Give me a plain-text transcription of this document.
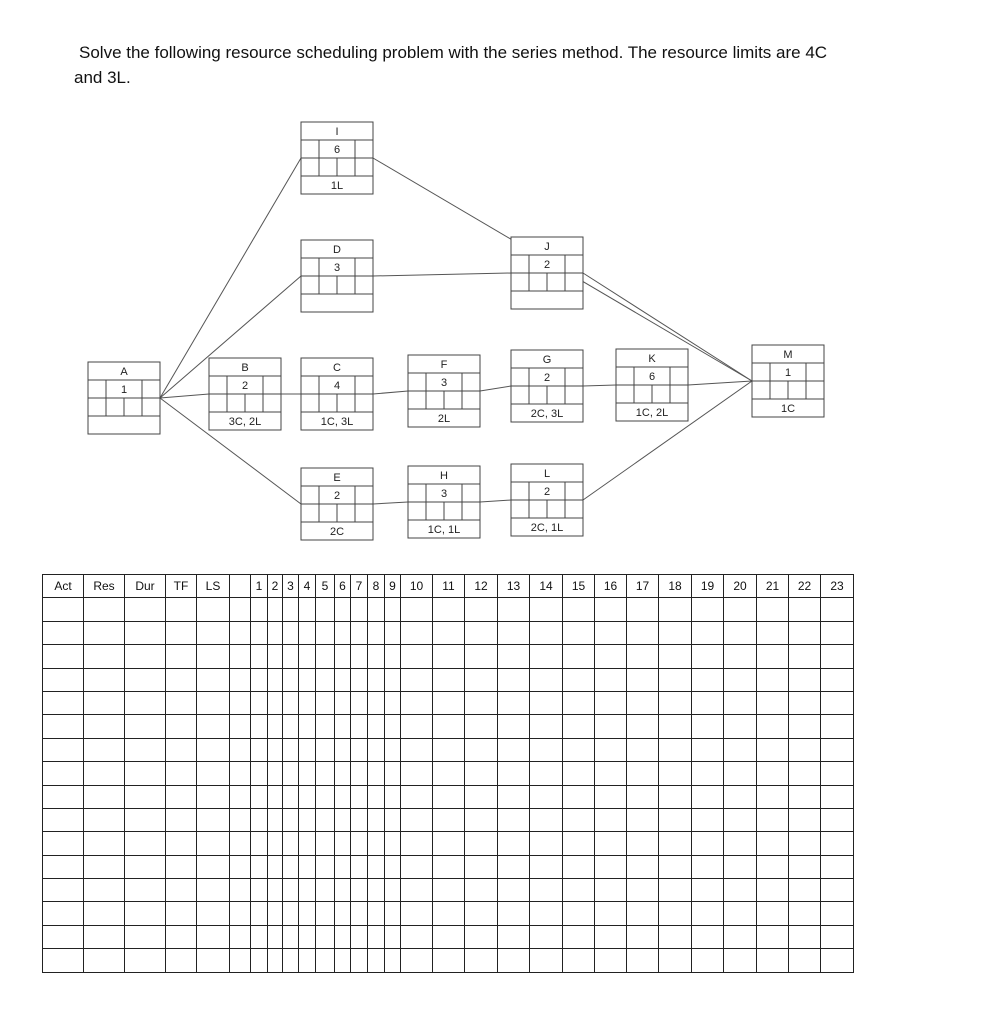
Solve the following resource scheduling problem with the series method. The resource limits are 4C
and 3L.
A
1
B
2
3C, 2L
C
4
1C, 3L
D
3
E
2
2C
F
3
2L
G
2
2C, 3L
H
3
1C, 1L
I
6
1L
J
2
K
6
1C, 2L
L
2
2C, 1L
M
1
1C
Act	Res	Dur	TF	LS		1	2	3	4	5	6	7	8	9	10	11	12	13	14	15	16	17	18	19	20	21	22	23
